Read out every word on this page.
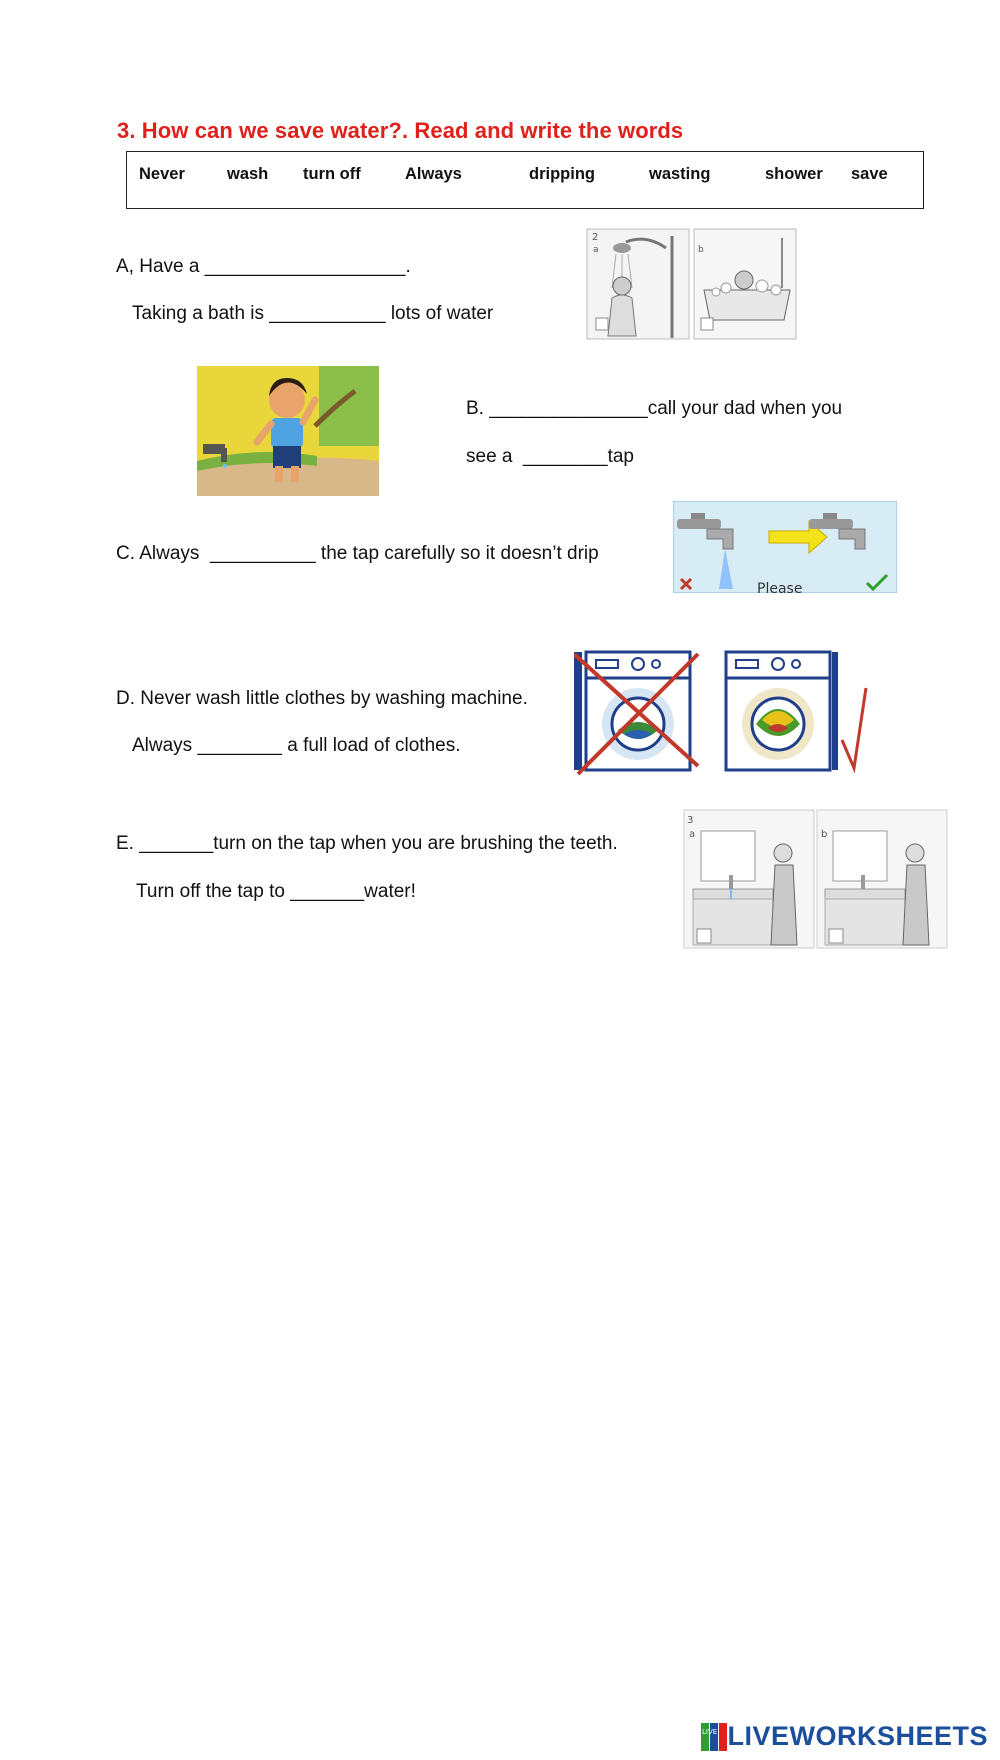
3. How can we save water?. Read and write the words
Never	wash turn off	Always	dripping	wasting	shower save
A, Have a ___________________.
Taking a bath is ___________ lots of water
2
a	b
B. _______________call your dad when you
see a  ________tap
C. Always  __________ the tap carefully so it doesn’t drip
Please
D. Never wash little clothes by washing machine.
Always ________ a full load of clothes.
E. _______turn on the tap when you are brushing the teeth.
Turn off the tap to _______water!
3
a	b
LIVE LIVEWORKSHEETS
